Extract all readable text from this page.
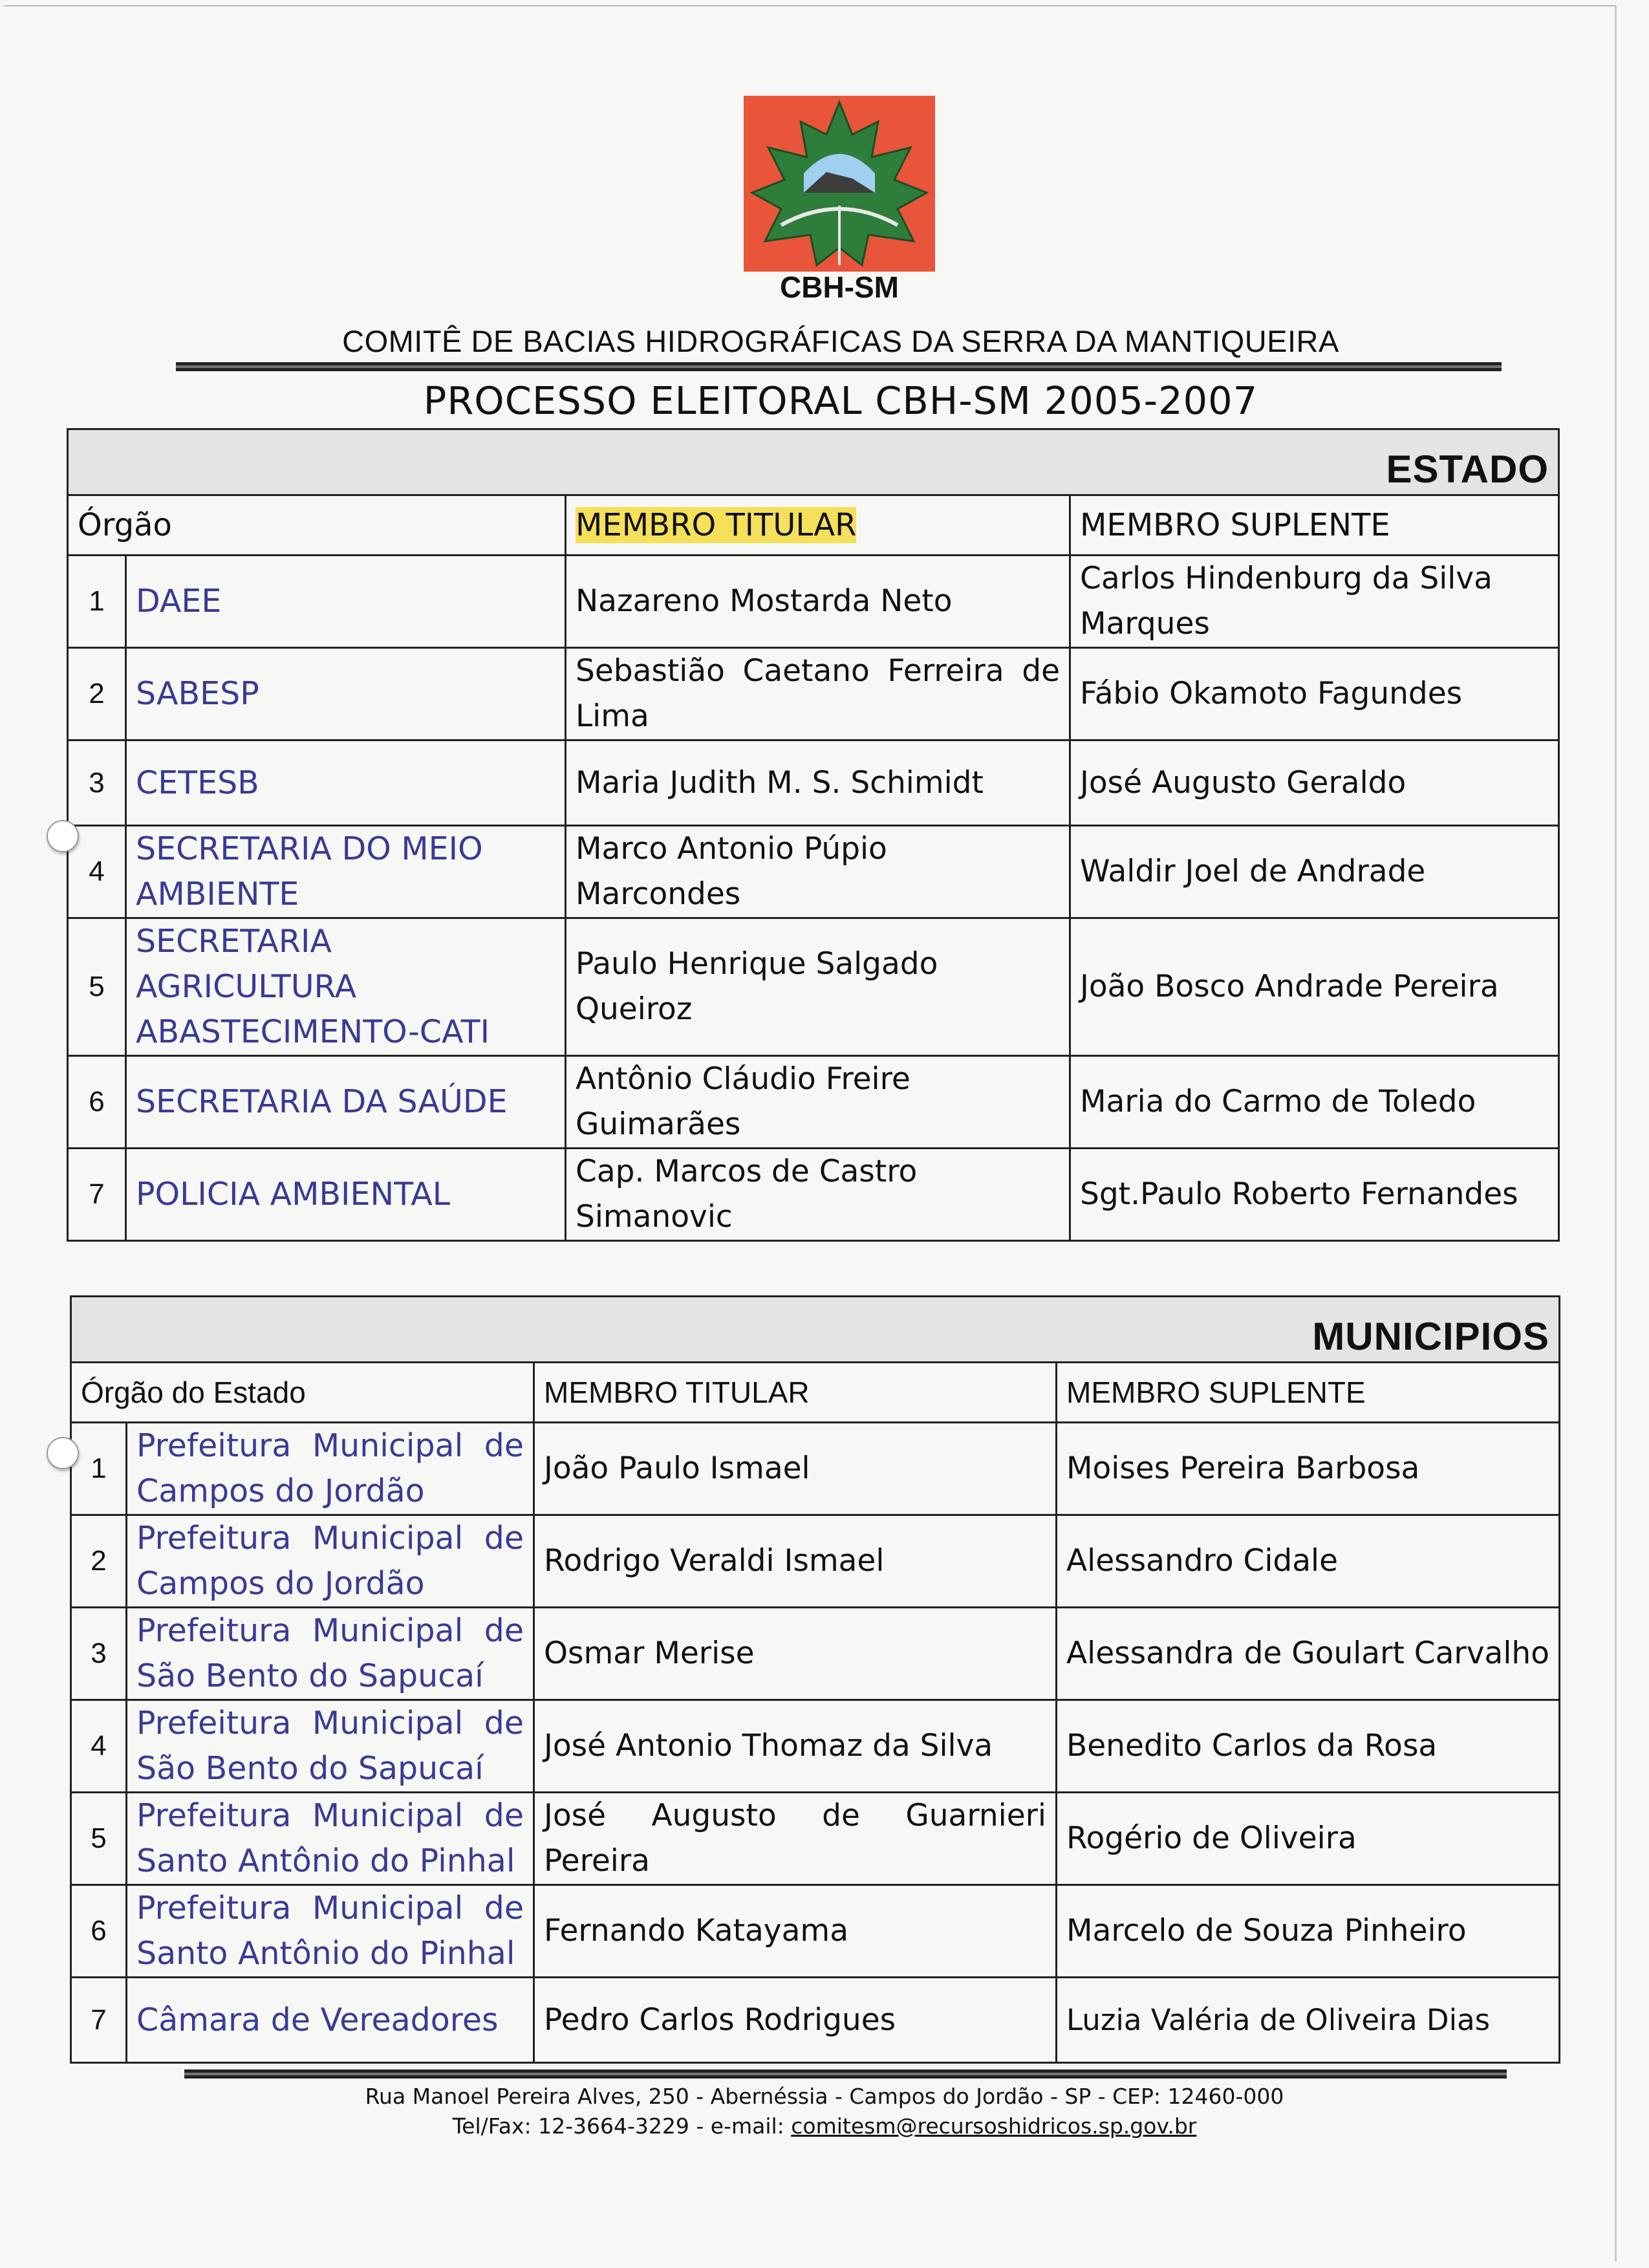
CBH-SM
COMITÊ DE BACIAS HIDROGRÁFICAS DA SERRA DA MANTIQUEIRA
PROCESSO ELEITORAL CBH-SM 2005-2007
ESTADO			
Órgão		MEMBRO TITULAR	MEMBRO SUPLENTE
1	DAEE	Nazareno Mostarda Neto	Carlos Hindenburg da Silva Marques
2	SABESP	Sebastião Caetano Ferreira de Lima	Fábio Okamoto Fagundes
3	CETESB	Maria Judith M. S. Schimidt	José Augusto Geraldo
4	SECRETARIA DO MEIO AMBIENTE	Marco Antonio Púpio Marcondes	Waldir Joel de Andrade
5	SECRETARIA AGRICULTURA ABASTECIMENTO-CATI	Paulo Henrique Salgado Queiroz	João Bosco Andrade Pereira
6	SECRETARIA DA SAÚDE	Antônio Cláudio Freire Guimarães	Maria do Carmo de Toledo
7	POLICIA AMBIENTAL	Cap. Marcos de Castro Simanovic	Sgt.Paulo Roberto Fernandes
MUNICIPIOS			
Órgão do Estado		MEMBRO TITULAR	MEMBRO SUPLENTE
1	Prefeitura Municipal de Campos do Jordão	João Paulo Ismael	Moises Pereira Barbosa
2	Prefeitura Municipal de Campos do Jordão	Rodrigo Veraldi Ismael	Alessandro Cidale
3	Prefeitura Municipal de São Bento do Sapucaí	Osmar Merise	Alessandra de Goulart Carvalho
4	Prefeitura Municipal de São Bento do Sapucaí	José Antonio Thomaz da Silva	Benedito Carlos da Rosa
5	Prefeitura Municipal de Santo Antônio do Pinhal	José Augusto de Guarnieri Pereira	Rogério de Oliveira
6	Prefeitura Municipal de Santo Antônio do Pinhal	Fernando Katayama	Marcelo de Souza Pinheiro
7	Câmara de Vereadores	Pedro Carlos Rodrigues	Luzia Valéria de Oliveira Dias
Rua Manoel Pereira Alves, 250 - Abernéssia - Campos do Jordão - SP - CEP: 12460-000
Tel/Fax: 12-3664-3229 - e-mail: comitesm@recursoshidricos.sp.gov.br
